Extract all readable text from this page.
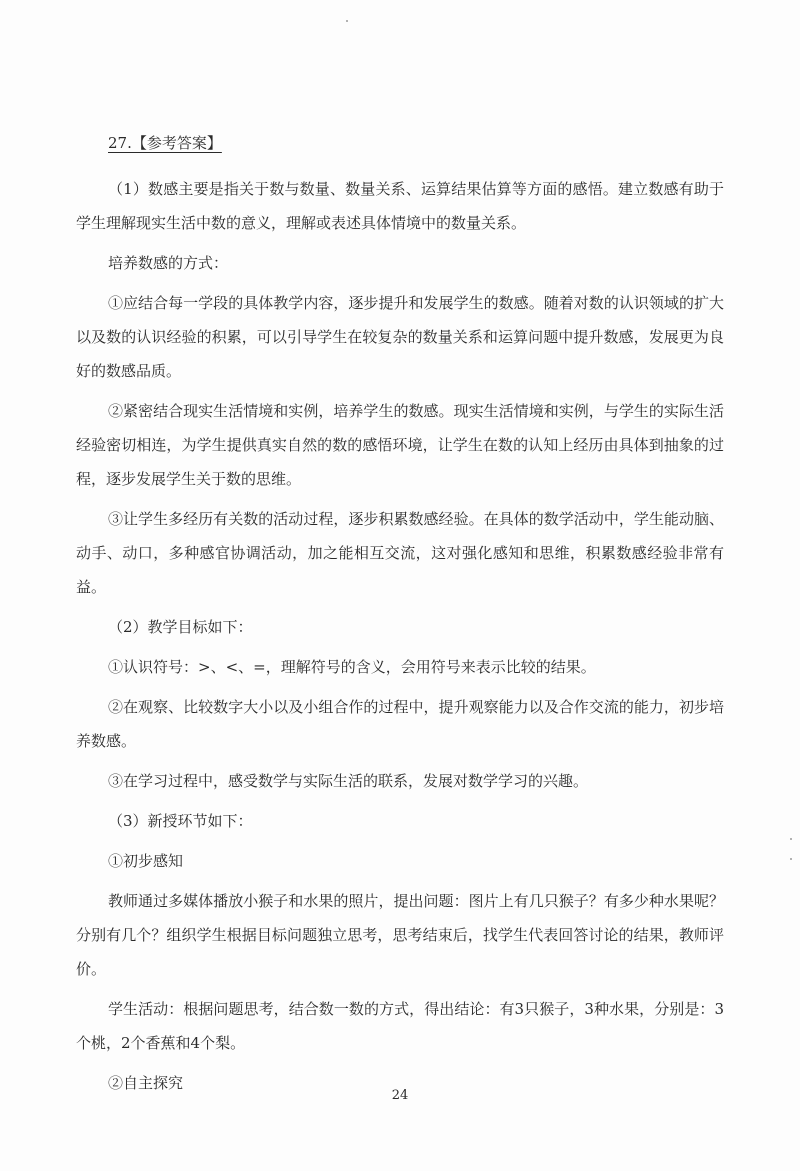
27.【参考答案】

（1）数感主要是指关于数与数量、数量关系、运算结果估算等方面的感悟。建立数感有助于学生理解现实生活中数的意义，理解或表述具体情境中的数量关系。

培养数感的方式：

①应结合每一学段的具体教学内容，逐步提升和发展学生的数感。随着对数的认识领域的扩大以及数的认识经验的积累，可以引导学生在较复杂的数量关系和运算问题中提升数感，发展更为良好的数感品质。

②紧密结合现实生活情境和实例，培养学生的数感。现实生活情境和实例，与学生的实际生活经验密切相连，为学生提供真实自然的数的感悟环境，让学生在数的认知上经历由具体到抽象的过程，逐步发展学生关于数的思维。

③让学生多经历有关数的活动过程，逐步积累数感经验。在具体的数学活动中，学生能动脑、动手、动口，多种感官协调活动，加之能相互交流，这对强化感知和思维，积累数感经验非常有益。

（2）教学目标如下：

①认识符号：>、<、=，理解符号的含义，会用符号来表示比较的结果。

②在观察、比较数字大小以及小组合作的过程中，提升观察能力以及合作交流的能力，初步培养数感。

③在学习过程中，感受数学与实际生活的联系，发展对数学学习的兴趣。

（3）新授环节如下：

①初步感知

教师通过多媒体播放小猴子和水果的照片，提出问题：图片上有几只猴子？有多少种水果呢？分别有几个？组织学生根据目标问题独立思考，思考结束后，找学生代表回答讨论的结果，教师评价。

学生活动：根据问题思考，结合数一数的方式，得出结论：有3只猴子，3种水果，分别是：3个桃，2个香蕉和4个梨。

②自主探究

24
